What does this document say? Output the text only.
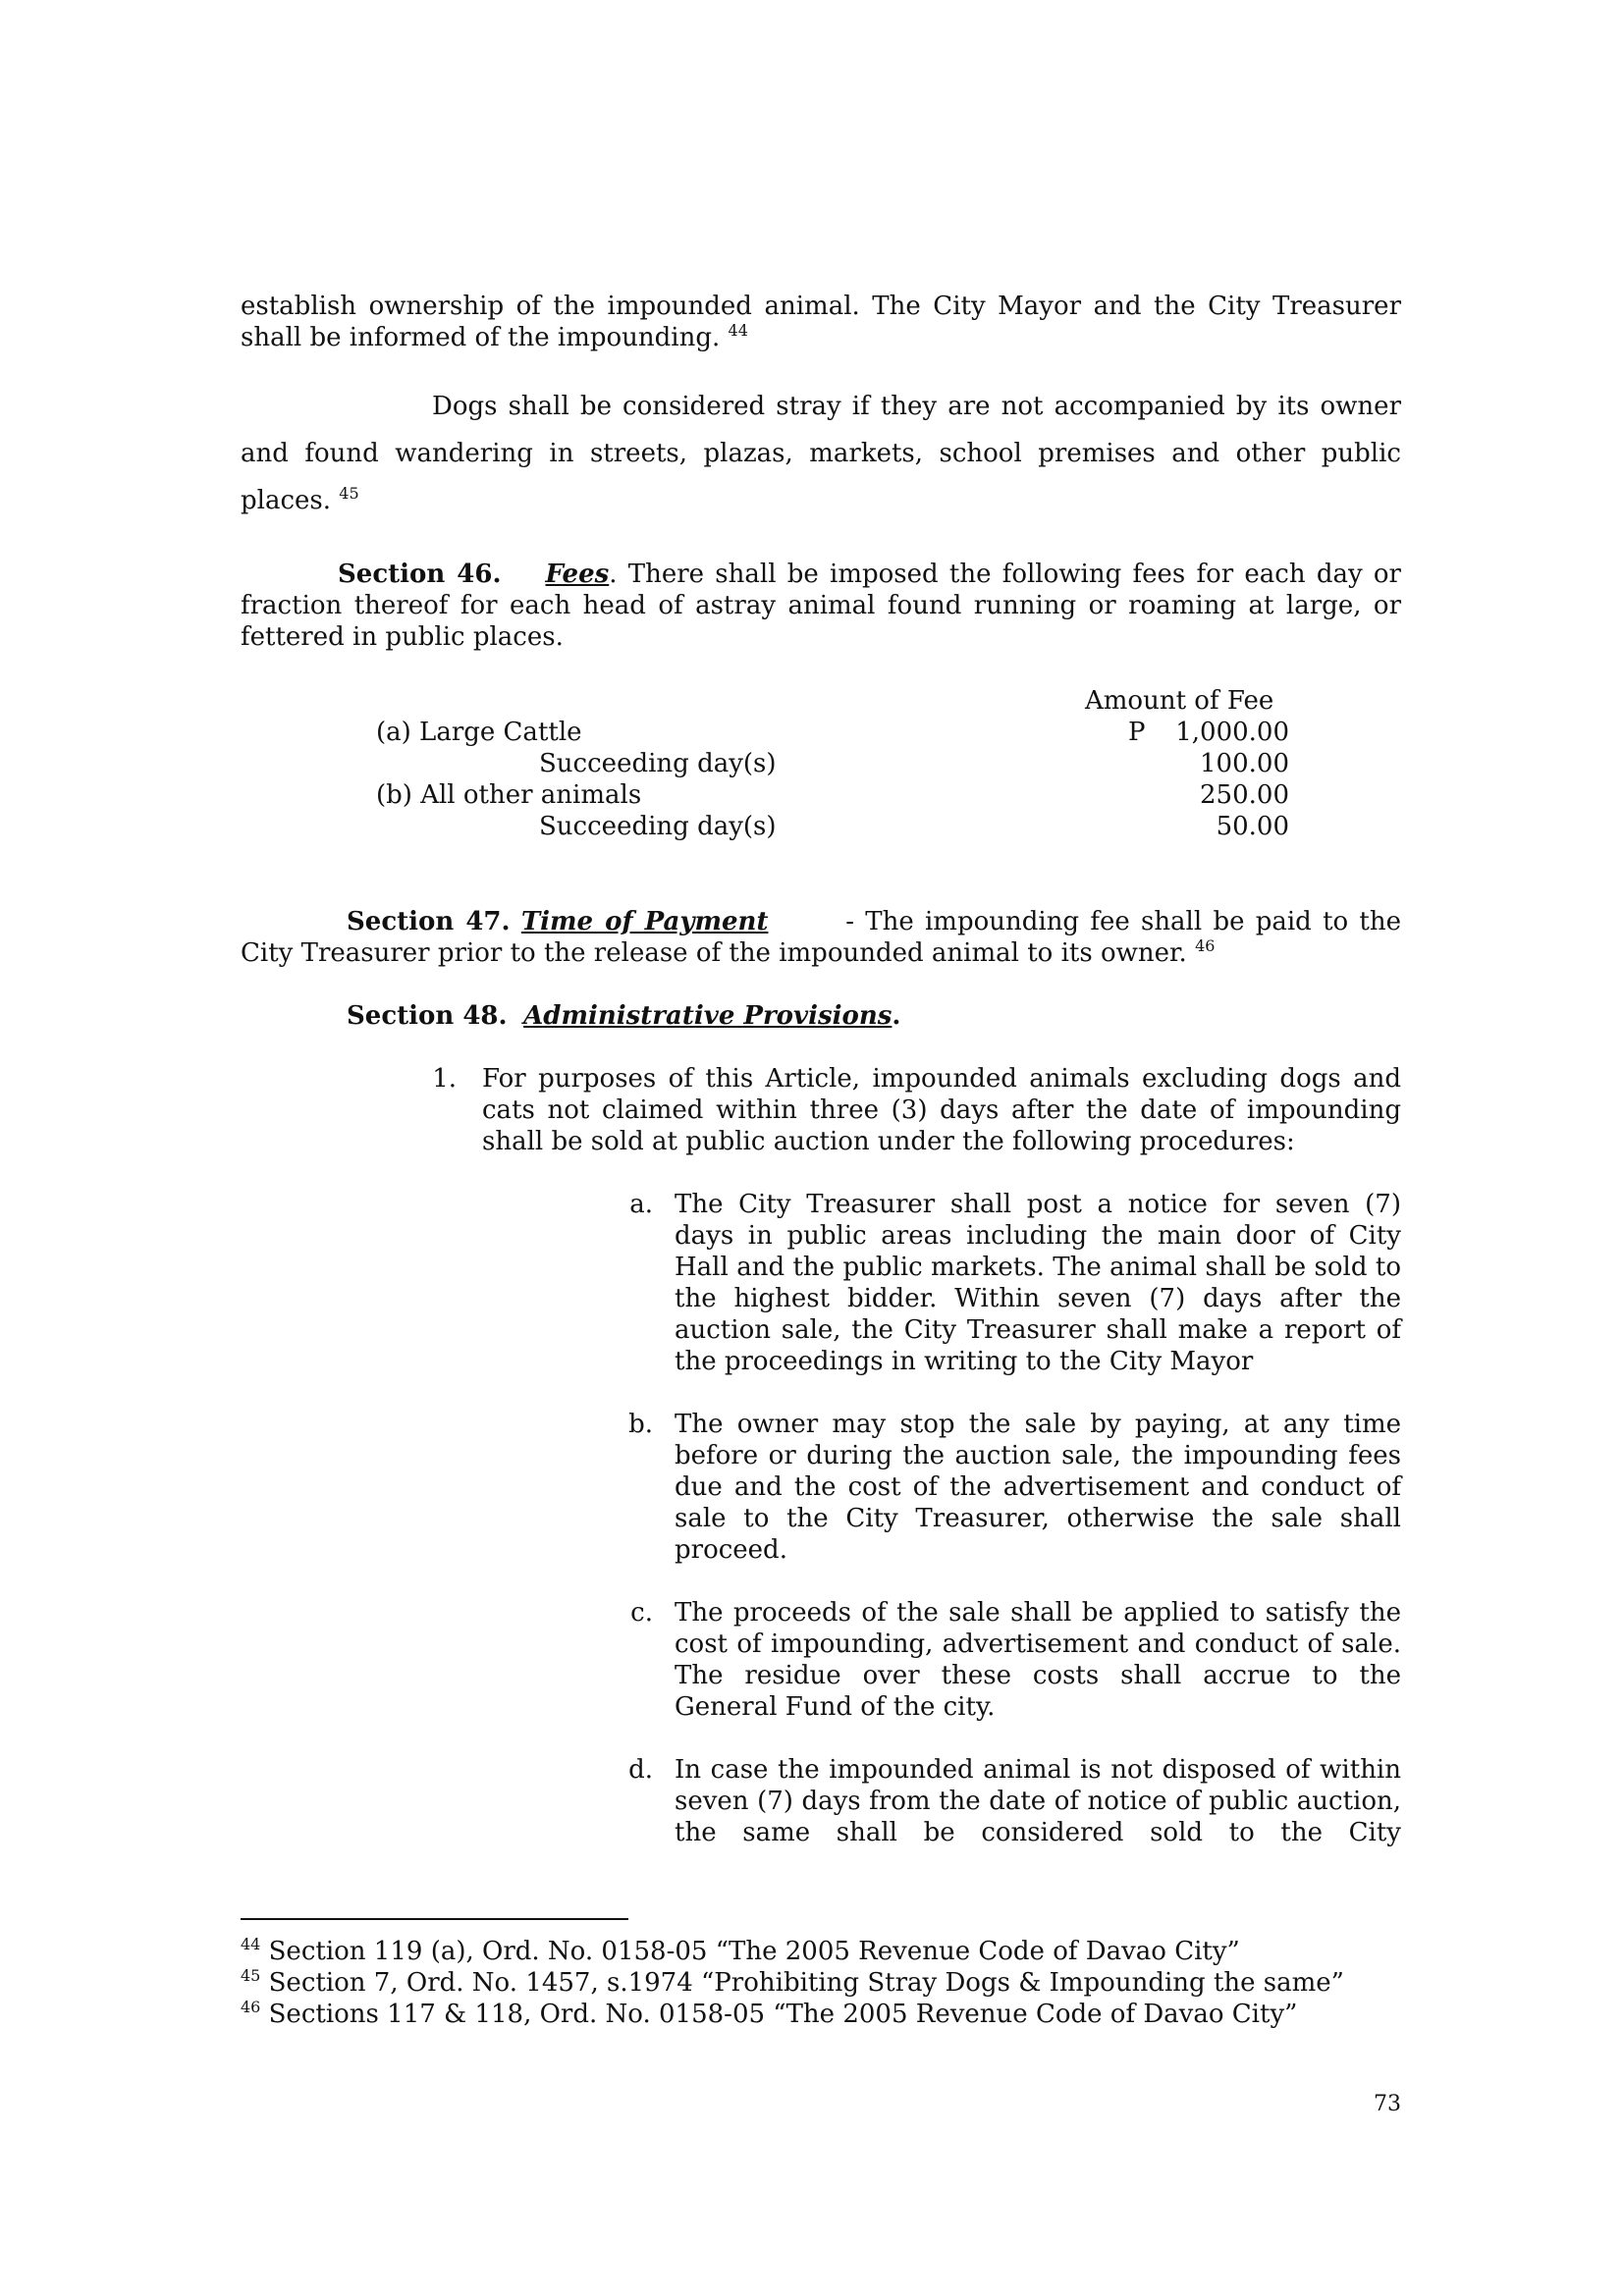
establish ownership of the impounded animal. The City Mayor and the City Treasurer shall be informed of the impounding. $^{44}$
Dogs shall be considered stray if they are not accompanied by its owner and found wandering in streets, plazas, markets, school premises and other public places. $^{45}$
Section 46. Fees. There shall be imposed the following fees for each day or fraction thereof for each head of astray animal found running or roaming at large, or fettered in public places.
Amount of Fee
(a) Large Cattle	P	1,000.00
Succeeding day(s)	100.00
(b) All other animals	250.00
Succeeding day(s)	50.00
Section 47. Time of Payment	- The impounding fee shall be paid to the City Treasurer prior to the release of the impounded animal to its owner. $^{46}$
Section 48. Administrative Provisions.
1. For purposes of this Article, impounded animals excluding dogs and cats not claimed within three (3) days after the date of impounding shall be sold at public auction under the following procedures:
a. The City Treasurer shall post a notice for seven (7) days in public areas including the main door of City Hall and the public markets. The animal shall be sold to the highest bidder. Within seven (7) days after the auction sale, the City Treasurer shall make a report of the proceedings in writing to the City Mayor
b. The owner may stop the sale by paying, at any time before or during the auction sale, the impounding fees due and the cost of the advertisement and conduct of sale to the City Treasurer, otherwise the sale shall proceed.
c. The proceeds of the sale shall be applied to satisfy the cost of impounding, advertisement and conduct of sale. The residue over these costs shall accrue to the General Fund of the city.
d. In case the impounded animal is not disposed of within seven (7) days from the date of notice of public auction, the same shall be considered sold to the City
$^{44}$ Section 119 (a), Ord. No. 0158-05 “The 2005 Revenue Code of Davao City”
$^{45}$ Section 7, Ord. No. 1457, s.1974 “Prohibiting Stray Dogs & Impounding the same”
$^{46}$ Sections 117 & 118, Ord. No. 0158-05 “The 2005 Revenue Code of Davao City”
73
